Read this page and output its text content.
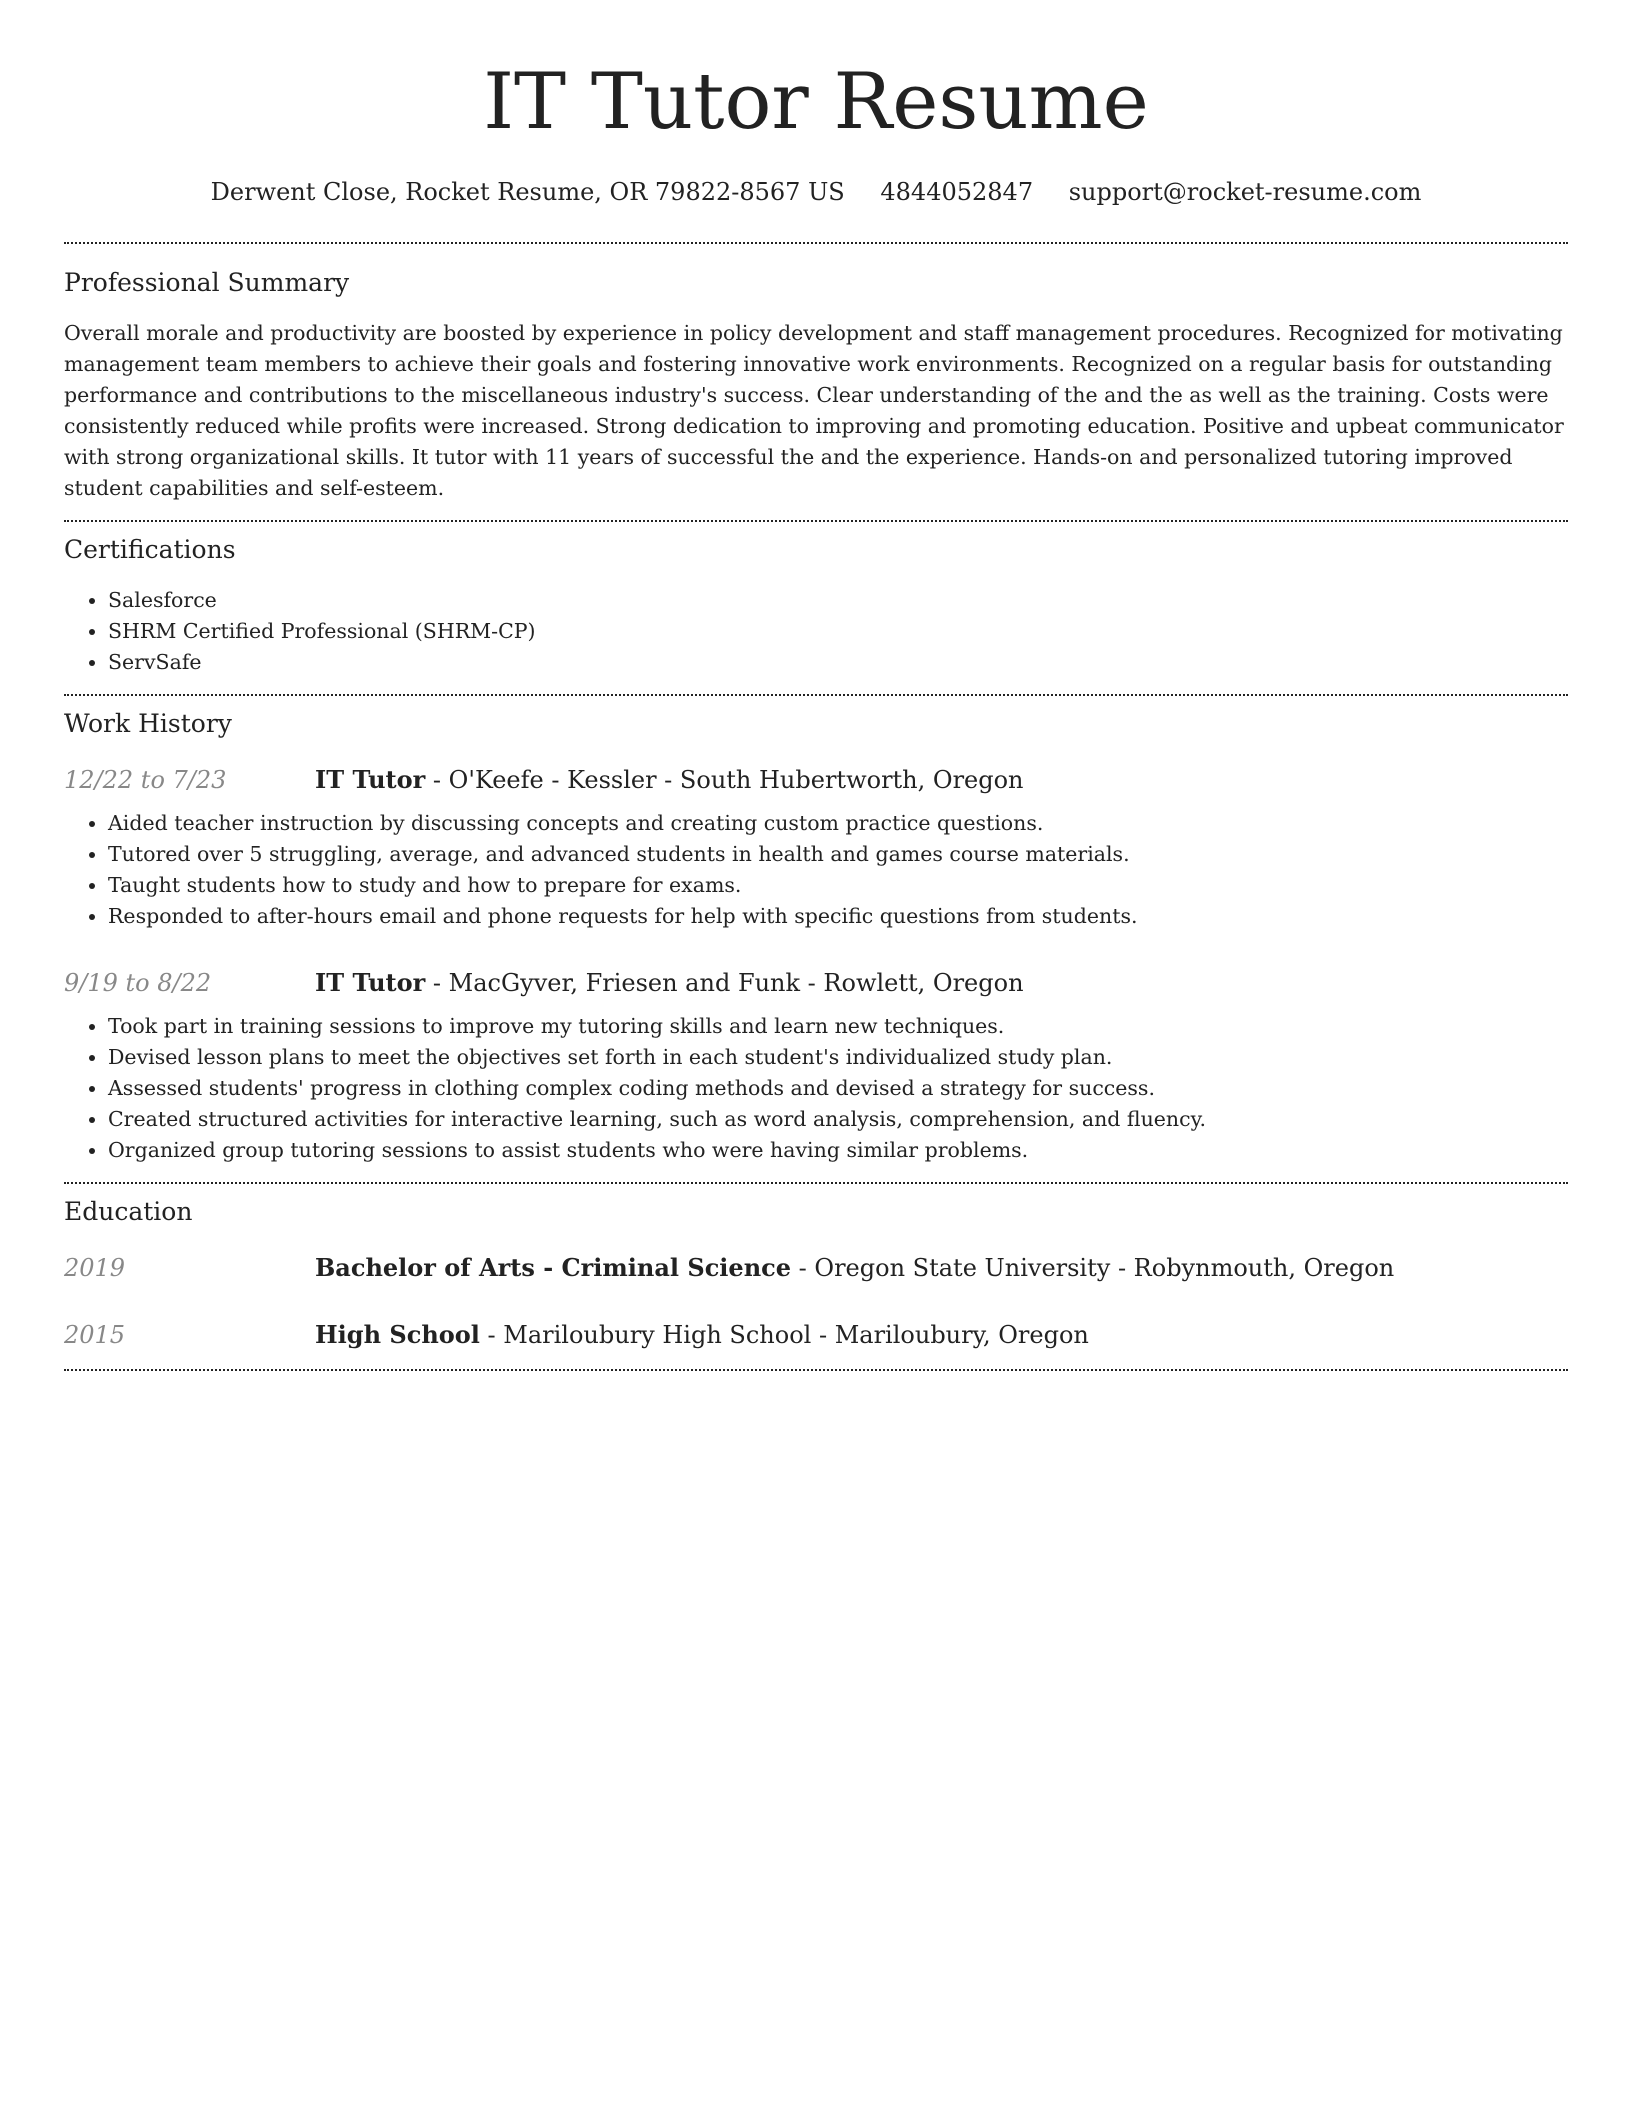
IT Tutor Resume
Derwent Close, Rocket Resume, OR 79822-8567 US 4844052847 support@rocket-resume.com
Professional Summary

Overall morale and productivity are boosted by experience in policy development and staff management procedures. Recognized for motivating management team members to achieve their goals and fostering innovative work environments. Recognized on a regular basis for outstanding performance and contributions to the miscellaneous industry's success. Clear understanding of the and the as well as the training. Costs were consistently reduced while profits were increased. Strong dedication to improving and promoting education. Positive and upbeat communicator with strong organizational skills. It tutor with 11 years of successful the and the experience. Hands-on and personalized tutoring improved student capabilities and self-esteem.

Certifications
• Salesforce
• SHRM Certified Professional (SHRM-CP)
• ServSafe
Work History
12/22 to 7/23	IT Tutor - O'Keefe - Kessler - South Hubertworth, Oregon
• Aided teacher instruction by discussing concepts and creating custom practice questions.
• Tutored over 5 struggling, average, and advanced students in health and games course materials.
• Taught students how to study and how to prepare for exams.
• Responded to after-hours email and phone requests for help with specific questions from students.
9/19 to 8/22	IT Tutor - MacGyver, Friesen and Funk - Rowlett, Oregon
• Took part in training sessions to improve my tutoring skills and learn new techniques.
• Devised lesson plans to meet the objectives set forth in each student's individualized study plan.
• Assessed students' progress in clothing complex coding methods and devised a strategy for success.
• Created structured activities for interactive learning, such as word analysis, comprehension, and fluency.
• Organized group tutoring sessions to assist students who were having similar problems.
Education
2019	Bachelor of Arts - Criminal Science - Oregon State University - Robynmouth, Oregon
2015	High School - Mariloubury High School - Mariloubury, Oregon
